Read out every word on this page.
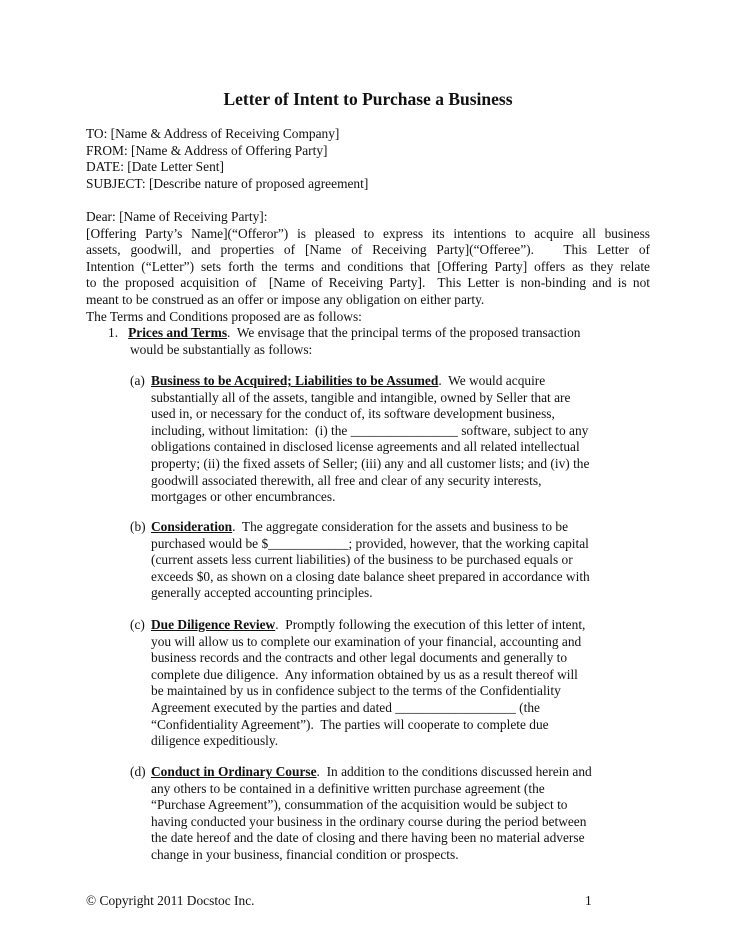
Letter of Intent to Purchase a Business
TO: [Name & Address of Receiving Company]
FROM: [Name & Address of Offering Party]
DATE: [Date Letter Sent]
SUBJECT: [Describe nature of proposed agreement]
Dear: [Name of Receiving Party]:
[Offering Party’s Name](“Offeror”) is pleased to express its intentions to acquire all business
assets, goodwill, and properties of [Name of Receiving Party](“Offeree”).   This Letter of
Intention (“Letter”) sets forth the terms and conditions that [Offering Party] offers as they relate
to the proposed acquisition of  [Name of Receiving Party].  This Letter is non-binding and is not
meant to be construed as an offer or impose any obligation on either party.
The Terms and Conditions proposed are as follows:
1. Prices and Terms.  We envisage that the principal terms of the proposed transaction
would be substantially as follows:
(a) Business to be Acquired; Liabilities to be Assumed.  We would acquire
substantially all of the assets, tangible and intangible, owned by Seller that are
used in, or necessary for the conduct of, its software development business,
including, without limitation:  (i) the ________________ software, subject to any
obligations contained in disclosed license agreements and all related intellectual
property; (ii) the fixed assets of Seller; (iii) any and all customer lists; and (iv) the
goodwill associated therewith, all free and clear of any security interests,
mortgages or other encumbrances.
(b) Consideration.  The aggregate consideration for the assets and business to be
purchased would be $____________; provided, however, that the working capital
(current assets less current liabilities) of the business to be purchased equals or
exceeds $0, as shown on a closing date balance sheet prepared in accordance with
generally accepted accounting principles.
(c) Due Diligence Review.  Promptly following the execution of this letter of intent,
you will allow us to complete our examination of your financial, accounting and
business records and the contracts and other legal documents and generally to
complete due diligence.  Any information obtained by us as a result thereof will
be maintained by us in confidence subject to the terms of the Confidentiality
Agreement executed by the parties and dated __________________ (the
“Confidentiality Agreement”).  The parties will cooperate to complete due
diligence expeditiously.
(d) Conduct in Ordinary Course.  In addition to the conditions discussed herein and
any others to be contained in a definitive written purchase agreement (the
“Purchase Agreement”), consummation of the acquisition would be subject to
having conducted your business in the ordinary course during the period between
the date hereof and the date of closing and there having been no material adverse
change in your business, financial condition or prospects.
© Copyright 2011 Docstoc Inc.	1
